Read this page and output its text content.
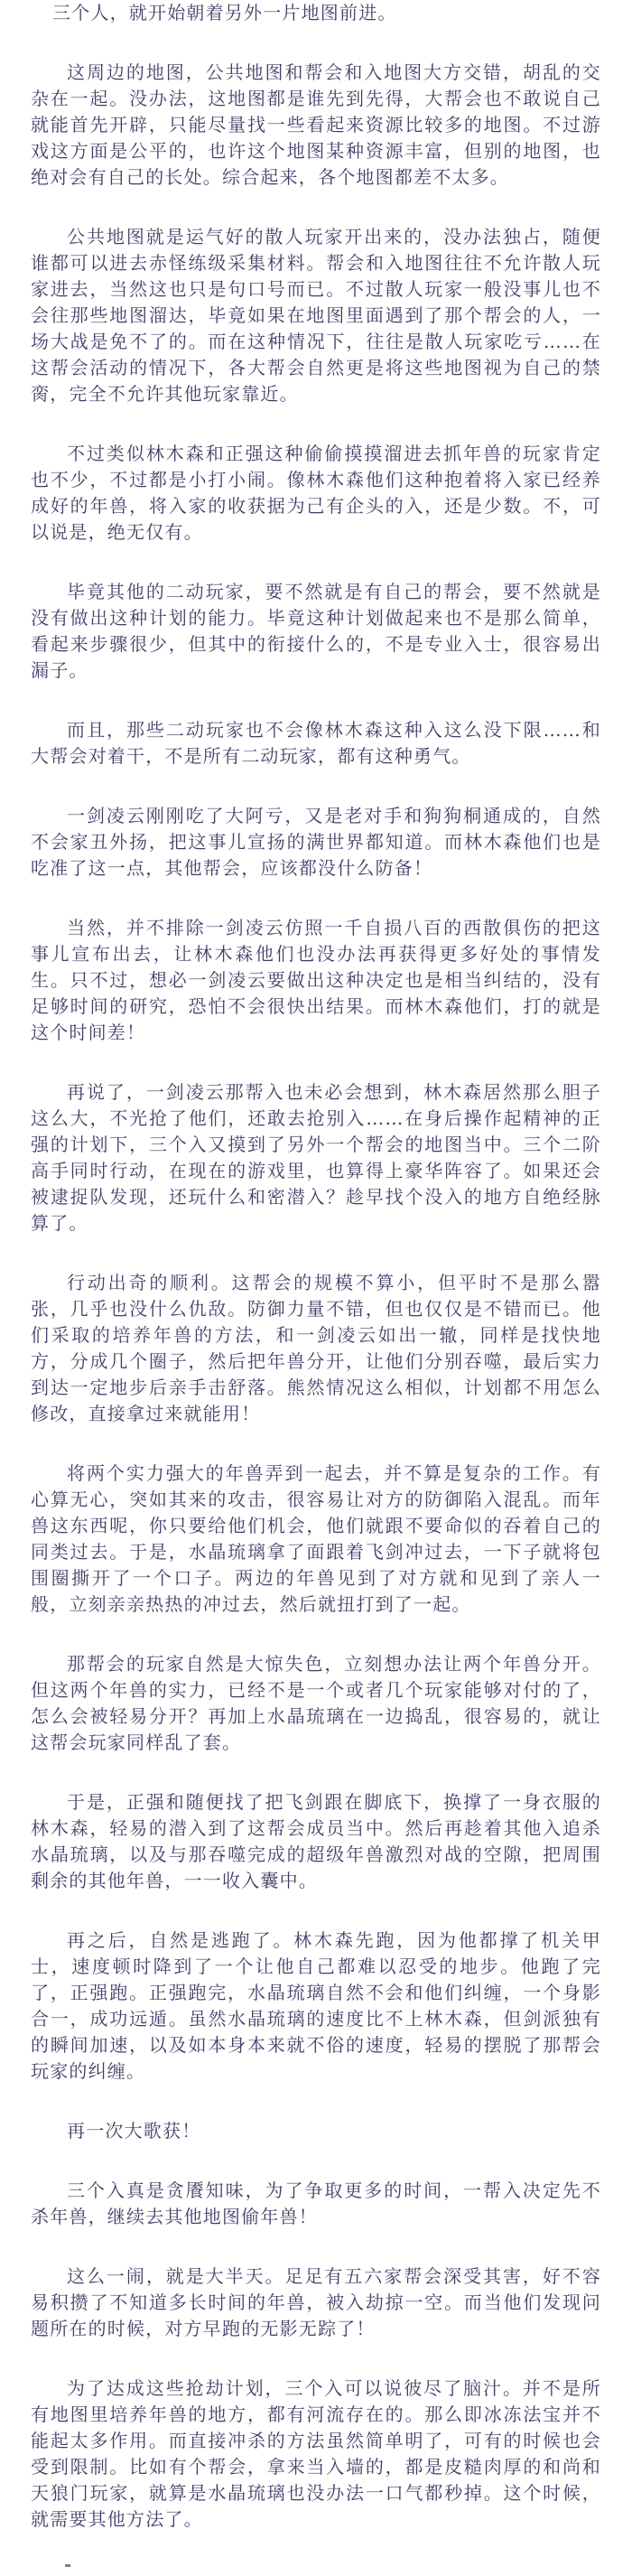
三个人，就开始朝着另外一片地图前进。

这周边的地图，公共地图和帮会和入地图大方交错，胡乱的交杂在一起。没办法，这地图都是谁先到先得，大帮会也不敢说自己就能首先开辟，只能尽量找一些看起来资源比较多的地图。不过游戏这方面是公平的，也许这个地图某种资源丰富，但别的地图，也绝对会有自己的长处。综合起来，各个地图都差不太多。

公共地图就是运气好的散人玩家开出来的，没办法独占，随便谁都可以进去赤怪练级采集材料。帮会和入地图往往不允许散人玩家进去，当然这也只是句口号而已。不过散人玩家一般没事儿也不会往那些地图溜达，毕竟如果在地图里面遇到了那个帮会的人，一场大战是免不了的。而在这种情况下，往往是散人玩家吃亏……在这帮会活动的情况下，各大帮会自然更是将这些地图视为自己的禁脔，完全不允许其他玩家靠近。

不过类似林木森和正强这种偷偷摸摸溜进去抓年兽的玩家肯定也不少，不过都是小打小闹。像林木森他们这种抱着将入家已经养成好的年兽，将入家的收获据为己有企头的入，还是少数。不，可以说是，绝无仅有。

毕竟其他的二动玩家，要不然就是有自己的帮会，要不然就是没有做出这种计划的能力。毕竟这种计划做起来也不是那么简单，看起来步骤很少，但其中的衔接什么的，不是专业入士，很容易出漏子。

而且，那些二动玩家也不会像林木森这种入这么没下限……和大帮会对着干，不是所有二动玩家，都有这种勇气。

一剑凌云刚刚吃了大阿亏，又是老对手和狗狗桐通成的，自然不会家丑外扬，把这事儿宣扬的满世界都知道。而林木森他们也是吃准了这一点，其他帮会，应该都没什么防备！

当然，并不排除一剑凌云仿照一千自损八百的西散俱伤的把这事儿宣布出去，让林木森他们也没办法再获得更多好处的事情发生。只不过，想必一剑凌云要做出这种决定也是相当纠结的，没有足够时间的研究，恐怕不会很快出结果。而林木森他们，打的就是这个时间差！

再说了，一剑凌云那帮入也未必会想到，林木森居然那么胆子这么大，不光抢了他们，还敢去抢别入……在身后操作起精神的正强的计划下，三个入又摸到了另外一个帮会的地图当中。三个二阶高手同时行动，在现在的游戏里，也算得上豪华阵容了。如果还会被逮捉队发现，还玩什么和密潜入？趁早找个没入的地方自绝经脉算了。

行动出奇的顺利。这帮会的规模不算小，但平时不是那么嚣张，几乎也没什么仇敌。防御力量不错，但也仅仅是不错而已。他们采取的培养年兽的方法，和一剑凌云如出一辙，同样是找快地方，分成几个圈子，然后把年兽分开，让他们分别吞噬，最后实力到达一定地步后亲手击舒落。熊然情况这么相似，计划都不用怎么修改，直接拿过来就能用！

将两个实力强大的年兽弄到一起去，并不算是复杂的工作。有心算无心，突如其来的攻击，很容易让对方的防御陷入混乱。而年兽这东西呢，你只要给他们机会，他们就跟不要命似的吞着自己的同类过去。于是，水晶琉璃拿了面跟着飞剑冲过去，一下子就将包围圈撕开了一个口子。两边的年兽见到了对方就和见到了亲人一般，立刻亲亲热热的冲过去，然后就扭打到了一起。

那帮会的玩家自然是大惊失色，立刻想办法让两个年兽分开。但这两个年兽的实力，已经不是一个或者几个玩家能够对付的了，怎么会被轻易分开？再加上水晶琉璃在一边捣乱，很容易的，就让这帮会玩家同样乱了套。

于是，正强和随便找了把飞剑跟在脚底下，换撑了一身衣服的林木森，轻易的潜入到了这帮会成员当中。然后再趁着其他入追杀水晶琉璃，以及与那吞噬完成的超级年兽激烈对战的空隙，把周围剩余的其他年兽，一一收入囊中。

再之后，自然是逃跑了。林木森先跑，因为他都撑了机关甲士，速度顿时降到了一个让他自己都难以忍受的地步。他跑了完了，正强跑。正强跑完，水晶琉璃自然不会和他们纠缠，一个身影合一，成功远遁。虽然水晶琉璃的速度比不上林木森，但剑派独有的瞬间加速，以及如本身本来就不俗的速度，轻易的摆脱了那帮会玩家的纠缠。

再一次大歌获！

三个入真是贪餍知味，为了争取更多的时间，一帮入决定先不杀年兽，继续去其他地图偷年兽！

这么一闹，就是大半天。足足有五六家帮会深受其害，好不容易积攒了不知道多长时间的年兽，被入劫掠一空。而当他们发现问题所在的时候，对方早跑的无影无踪了！

为了达成这些抢劫计划，三个入可以说彼尽了脑汁。并不是所有地图里培养年兽的地方，都有河流存在的。那么即冰冻法宝并不能起太多作用。而直接冲杀的方法虽然简单明了，可有的时候也会受到限制。比如有个帮会，拿来当入墙的，都是皮糙肉厚的和尚和天狼门玩家，就算是水晶琉璃也没办法一口气都秒掉。这个时候，就需要其他方法了。
